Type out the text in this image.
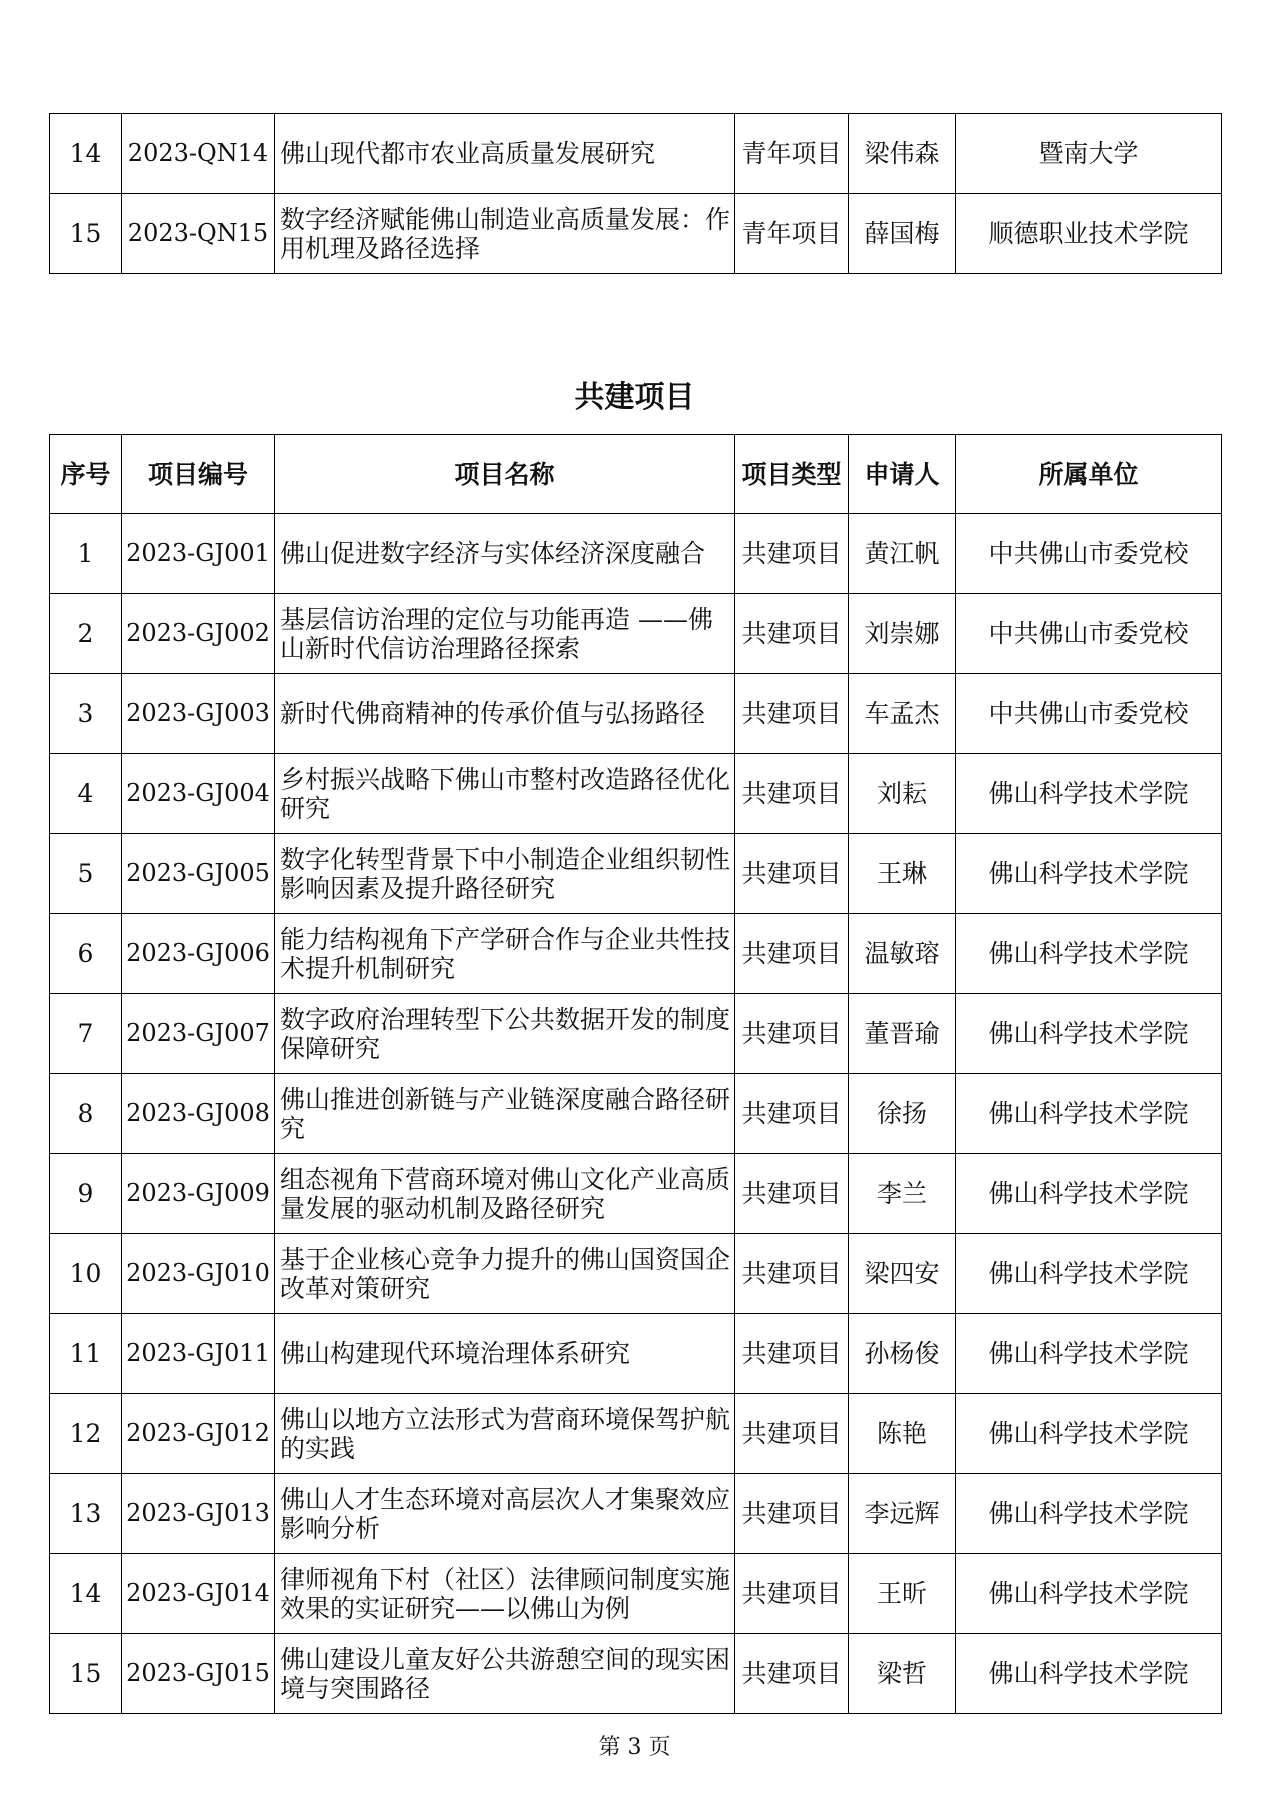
14	2023-QN14	佛山现代都市农业高质量发展研究	青年项目	梁伟森	暨南大学
15	2023-QN15	数字经济赋能佛山制造业高质量发展：作用机理及路径选择	青年项目	薛国梅	顺德职业技术学院
共建项目
序号	项目编号	项目名称	项目类型	申请人	所属单位
1	2023-GJ001	佛山促进数字经济与实体经济深度融合	共建项目	黄江帆	中共佛山市委党校
2	2023-GJ002	基层信访治理的定位与功能再造 ——佛山新时代信访治理路径探索	共建项目	刘崇娜	中共佛山市委党校
3	2023-GJ003	新时代佛商精神的传承价值与弘扬路径	共建项目	车孟杰	中共佛山市委党校
4	2023-GJ004	乡村振兴战略下佛山市整村改造路径优化研究	共建项目	刘耘	佛山科学技术学院
5	2023-GJ005	数字化转型背景下中小制造企业组织韧性影响因素及提升路径研究	共建项目	王琳	佛山科学技术学院
6	2023-GJ006	能力结构视角下产学研合作与企业共性技术提升机制研究	共建项目	温敏瑢	佛山科学技术学院
7	2023-GJ007	数字政府治理转型下公共数据开发的制度保障研究	共建项目	董晋瑜	佛山科学技术学院
8	2023-GJ008	佛山推进创新链与产业链深度融合路径研究	共建项目	徐扬	佛山科学技术学院
9	2023-GJ009	组态视角下营商环境对佛山文化产业高质量发展的驱动机制及路径研究	共建项目	李兰	佛山科学技术学院
10	2023-GJ010	基于企业核心竞争力提升的佛山国资国企改革对策研究	共建项目	梁四安	佛山科学技术学院
11	2023-GJ011	佛山构建现代环境治理体系研究	共建项目	孙杨俊	佛山科学技术学院
12	2023-GJ012	佛山以地方立法形式为营商环境保驾护航的实践	共建项目	陈艳	佛山科学技术学院
13	2023-GJ013	佛山人才生态环境对高层次人才集聚效应影响分析	共建项目	李远辉	佛山科学技术学院
14	2023-GJ014	律师视角下村（社区）法律顾问制度实施效果的实证研究——以佛山为例	共建项目	王昕	佛山科学技术学院
15	2023-GJ015	佛山建设儿童友好公共游憩空间的现实困境与突围路径	共建项目	梁哲	佛山科学技术学院
第 3 页
